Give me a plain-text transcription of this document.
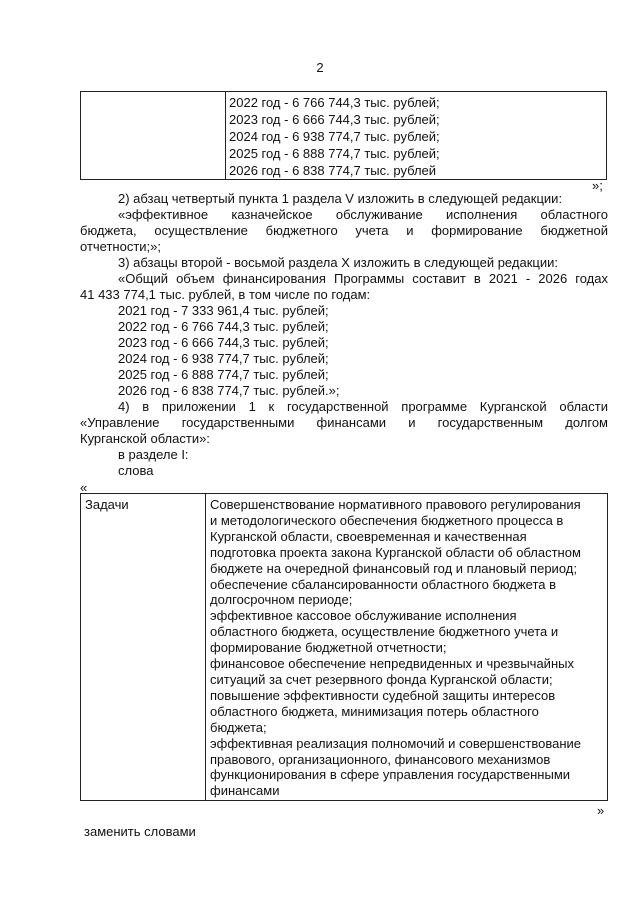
2

2022 год - 6 766 744,3 тыс. рублей;
2023 год - 6 666 744,3 тыс. рублей;
2024 год - 6 938 774,7 тыс. рублей;
2025 год - 6 888 774,7 тыс. рублей;
2026 год - 6 838 774,7 тыс. рублей
»;
2) абзац четвертый пункта 1 раздела V изложить в следующей редакции:
«эффективное казначейское обслуживание исполнения областного
бюджета, осуществление бюджетного учета и формирование бюджетной
отчетности;»;
3) абзацы второй - восьмой раздела X изложить в следующей редакции:
«Общий объем финансирования Программы составит в 2021 - 2026 годах
41 433 774,1 тыс. рублей, в том числе по годам:
2021 год - 7 333 961,4 тыс. рублей;
2022 год - 6 766 744,3 тыс. рублей;
2023 год - 6 666 744,3 тыс. рублей;
2024 год - 6 938 774,7 тыс. рублей;
2025 год - 6 888 774,7 тыс. рублей;
2026 год - 6 838 774,7 тыс. рублей.»;
4) в приложении 1 к государственной программе Курганской области
«Управление государственными финансами и государственным долгом
Курганской области»:
в разделе I:
слова
«
Задачи	Совершенствование нормативного правового регулирования
и методологического обеспечения бюджетного процесса в
Курганской области, своевременная и качественная
подготовка проекта закона Курганской области об областном
бюджете на очередной финансовый год и плановый период;
обеспечение сбалансированности областного бюджета в
долгосрочном периоде;
эффективное кассовое обслуживание исполнения
областного бюджета, осуществление бюджетного учета и
формирование бюджетной отчетности;
финансовое обеспечение непредвиденных и чрезвычайных
ситуаций за счет резервного фонда Курганской области;
повышение эффективности судебной защиты интересов
областного бюджета, минимизация потерь областного
бюджета;
эффективная реализация полномочий и совершенствование
правового, организационного, финансового механизмов
функционирования в сфере управления государственными
финансами
»
заменить словами
